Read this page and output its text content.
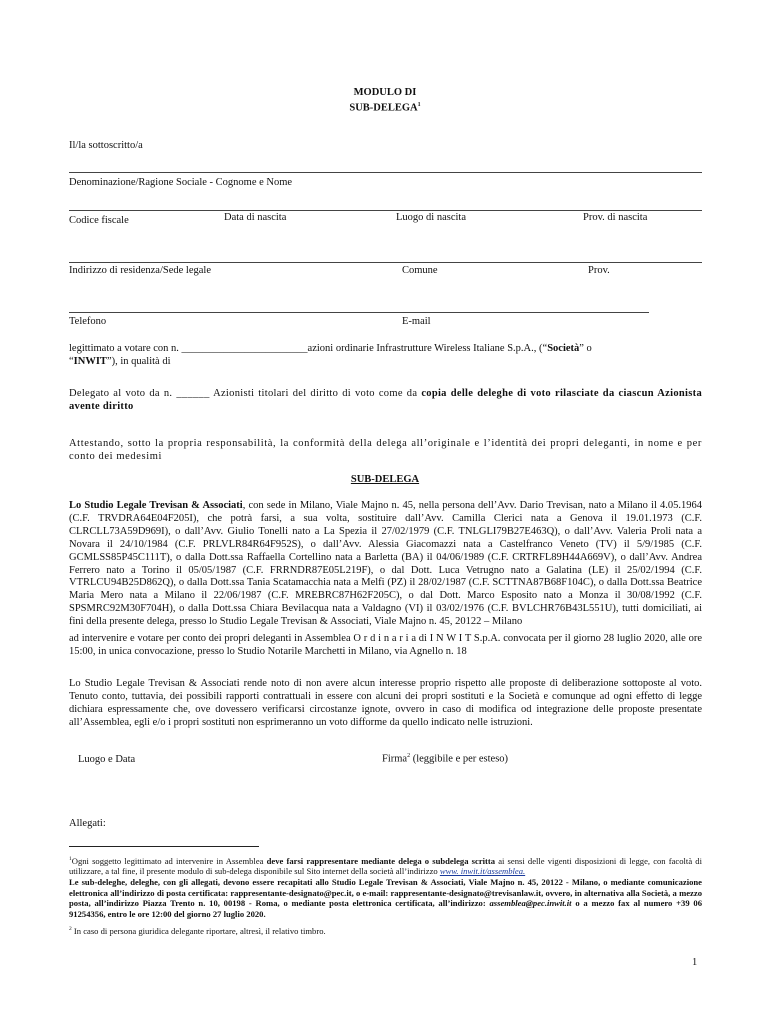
MODULO DI
SUB-DELEGA$^1$
Il/la sottoscritto/a
Denominazione/Ragione Sociale - Cognome e Nome
Codice fiscale	Data di nascita	Luogo di nascita	Prov. di nascita
Indirizzo di residenza/Sede legale	Comune	Prov.
Telefono	E-mail
legittimato a votare con n. ________________________azioni ordinarie Infrastrutture Wireless Italiane S.p.A., (“Società” o
“INWIT”), in qualità di
Delegato al voto da n. ______ Azionisti titolari del diritto di voto come da copia delle deleghe di voto rilasciate da ciascun Azionista avente diritto
Attestando, sotto la propria responsabilità, la conformità della delega all’originale e l’identità dei propri deleganti, in nome e per conto dei medesimi
SUB-DELEGA
Lo Studio Legale Trevisan & Associati, con sede in Milano, Viale Majno n. 45, nella persona dell’Avv. Dario Trevisan, nato a Milano il 4.05.1964 (C.F. TRVDRA64E04F205I), che potrà farsi, a sua volta, sostituire dall’Avv. Camilla Clerici nata a Genova il 19.01.1973 (C.F. CLRCLL73A59D969I), o dall’Avv. Giulio Tonelli nato a La Spezia il 27/02/1979 (C.F. TNLGLI79B27E463Q), o dall’Avv. Valeria Proli nata a Novara il 24/10/1984 (C.F. PRLVLR84R64F952S), o dall’Avv. Alessia Giacomazzi nata a Castelfranco Veneto (TV) il 5/9/1985 (C.F. GCMLSS85P45C111T), o dalla Dott.ssa Raffaella Cortellino nata a Barletta (BA) il 04/06/1989 (C.F. CRTRFL89H44A669V), o dall’Avv. Andrea Ferrero nato a Torino il 05/05/1987 (C.F. FRRNDR87E05L219F), o dal Dott. Luca Vetrugno nato a Galatina (LE) il 25/02/1994 (C.F. VTRLCU94B25D862Q), o dalla Dott.ssa Tania Scatamacchia nata a Melfi (PZ) il 28/02/1987 (C.F. SCTTNA87B68F104C), o dalla Dott.ssa Beatrice Maria Mero nata a Milano il 22/06/1987 (C.F. MREBRC87H62F205C), o dal Dott. Marco Esposito nato a Monza il 30/08/1992 (C.F. SPSMRC92M30F704H), o dalla Dott.ssa Chiara Bevilacqua nata a Valdagno (VI) il 03/02/1976 (C.F. BVLCHR76B43L551U), tutti domiciliati, ai fini della presente delega, presso lo Studio Legale Trevisan & Associati, Viale Majno n. 45, 20122 – Milano
ad intervenire e votare per conto dei propri deleganti in Assemblea O r d i n a r i a di I N W I T S.p.A. convocata per il giorno 28 luglio 2020, alle ore 15:00, in unica convocazione, presso lo Studio Notarile Marchetti in Milano, via Agnello n. 18
Lo Studio Legale Trevisan & Associati rende noto di non avere alcun interesse proprio rispetto alle proposte di deliberazione sottoposte al voto. Tenuto conto, tuttavia, dei possibili rapporti contrattuali in essere con alcuni dei propri sostituti e la Società e comunque ad ogni effetto di legge dichiara espressamente che, ove dovessero verificarsi circostanze ignote, ovvero in caso di modifica od integrazione delle proposte presentate all’Assemblea, egli e/o i propri sostituti non esprimeranno un voto difforme da quello indicato nelle istruzioni.
Luogo e Data	Firma$^2$ (leggibile e per esteso)
Allegati:
$^1$Ogni soggetto legittimato ad intervenire in Assemblea deve farsi rappresentare mediante delega o subdelega scritta ai sensi delle vigenti disposizioni di legge, con facoltà di utilizzare, a tal fine, il presente modulo di sub-delega disponibile sul Sito internet della società all’indirizzo www. inwit.it/assemblea.
Le sub-deleghe, deleghe, con gli allegati, devono essere recapitati allo Studio Legale Trevisan & Associati, Viale Majno n. 45, 20122 - Milano, o mediante comunicazione elettronica all’indirizzo di posta certificata: rappresentante-designato@pec.it, o e-mail: rappresentante-designato@trevisanlaw.it, ovvero, in alternativa alla Società, a mezzo posta, all’indirizzo Piazza Trento n. 10, 00198 - Roma, o mediante posta elettronica certificata, all’indirizzo: assemblea@pec.inwit.it o a mezzo fax al numero +39 06 91254356, entro le ore 12:00 del giorno 27 luglio 2020.
$^2$ In caso di persona giuridica delegante riportare, altresì, il relativo timbro.
1
